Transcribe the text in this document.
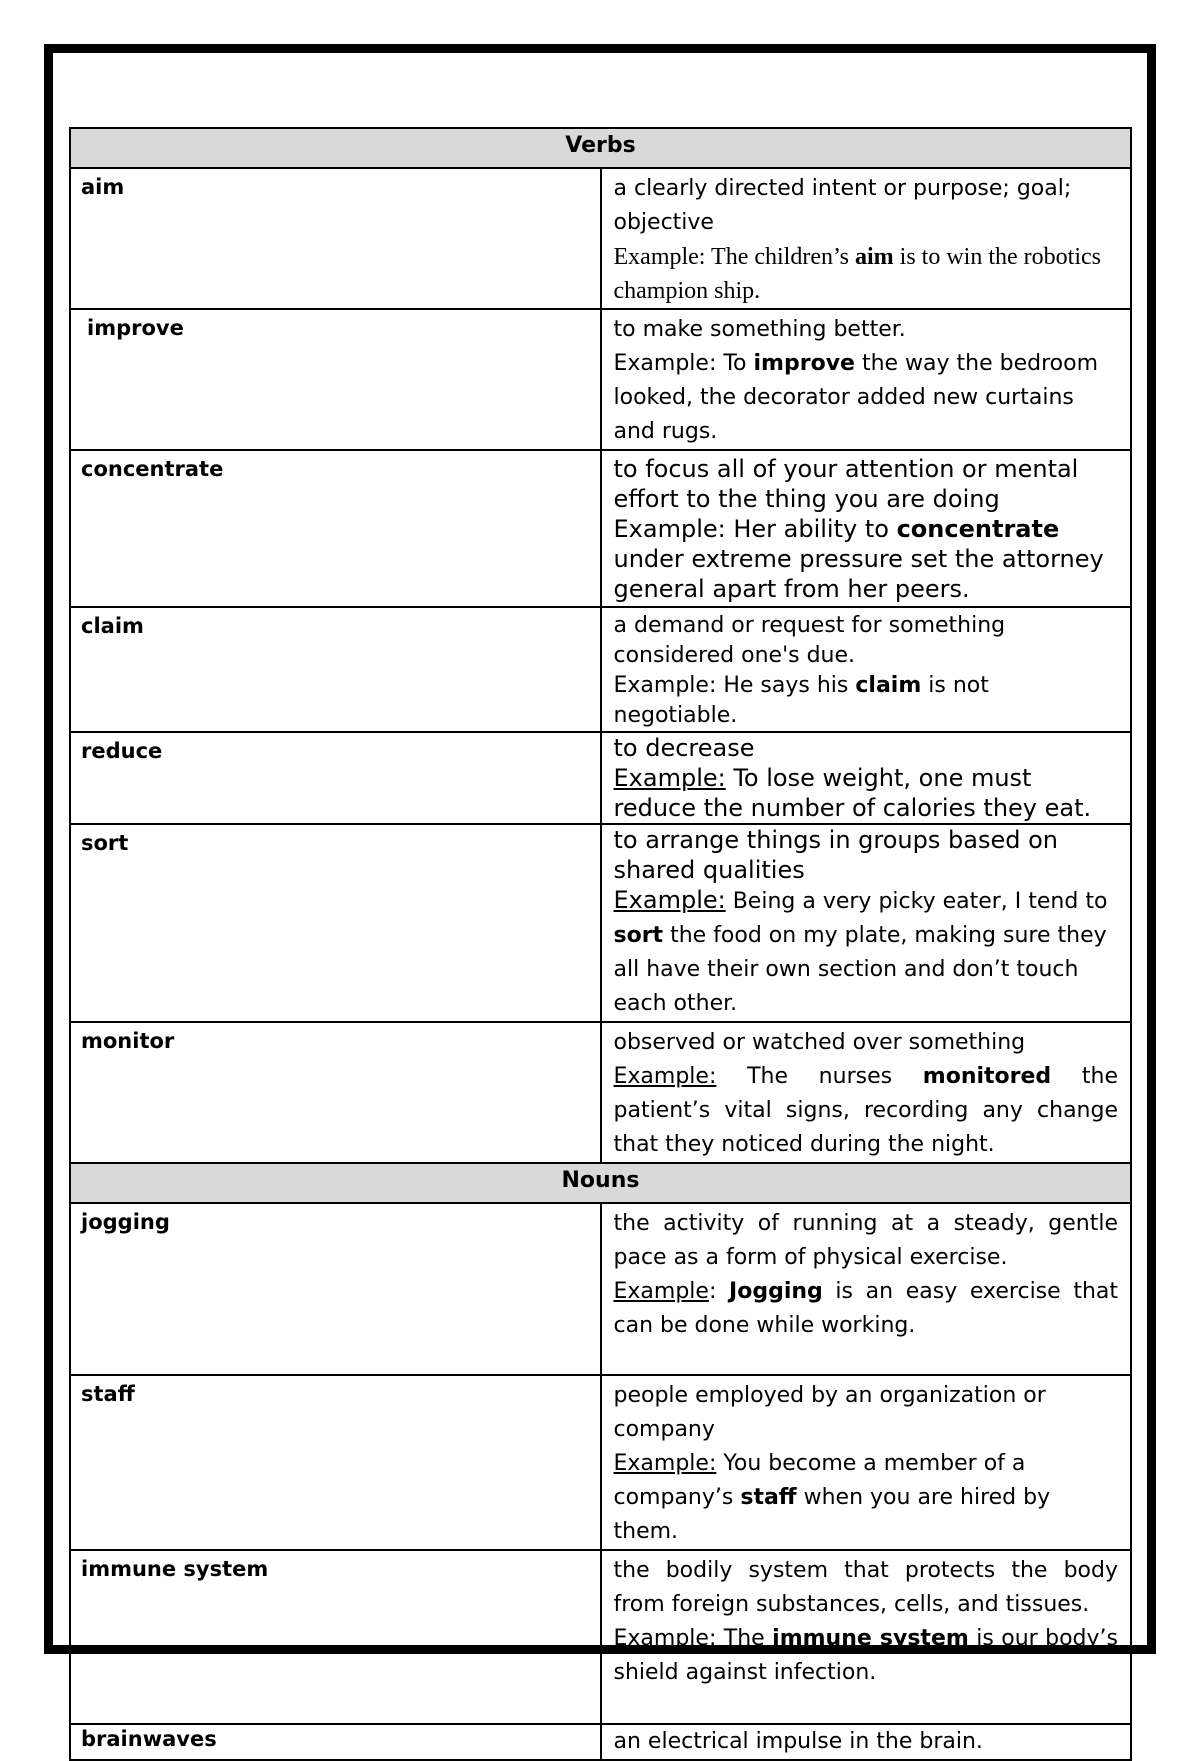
Verbs	
aim	a clearly directed intent or purpose; goal; objective
Example: The children’s aim is to win the robotics champion ship.

improve	to make something better.
Example: To improve the way the bedroom looked, the decorator added new curtains and rugs.

concentrate	to focus all of your attention or mental effort to the thing you are doing
Example: Her ability to concentrate under extreme pressure set the attorney general apart from her peers.

claim	a demand or request for something considered one's due.
Example: He says his claim is not negotiable.

reduce	to decrease
Example: To lose weight, one must reduce the number of calories they eat.

sort	to arrange things in groups based on shared qualities
Example: Being a very picky eater, I tend to sort the food on my plate, making sure they all have their own section and don’t touch each other.

monitor	observed or watched over something
Example: The nurses monitored the patient’s vital signs, recording any change that they noticed during the night.

Nouns	
jogging	the activity of running at a steady, gentle pace as a form of physical exercise.
Example: Jogging is an easy exercise that can be done while working.

staff	people employed by an organization or company
Example: You become a member of a company’s staff when you are hired by them.

immune system	the bodily system that protects the body from foreign substances, cells, and tissues.
Example: The immune system is our body’s shield against infection.

brainwaves	an electrical impulse in the brain.
